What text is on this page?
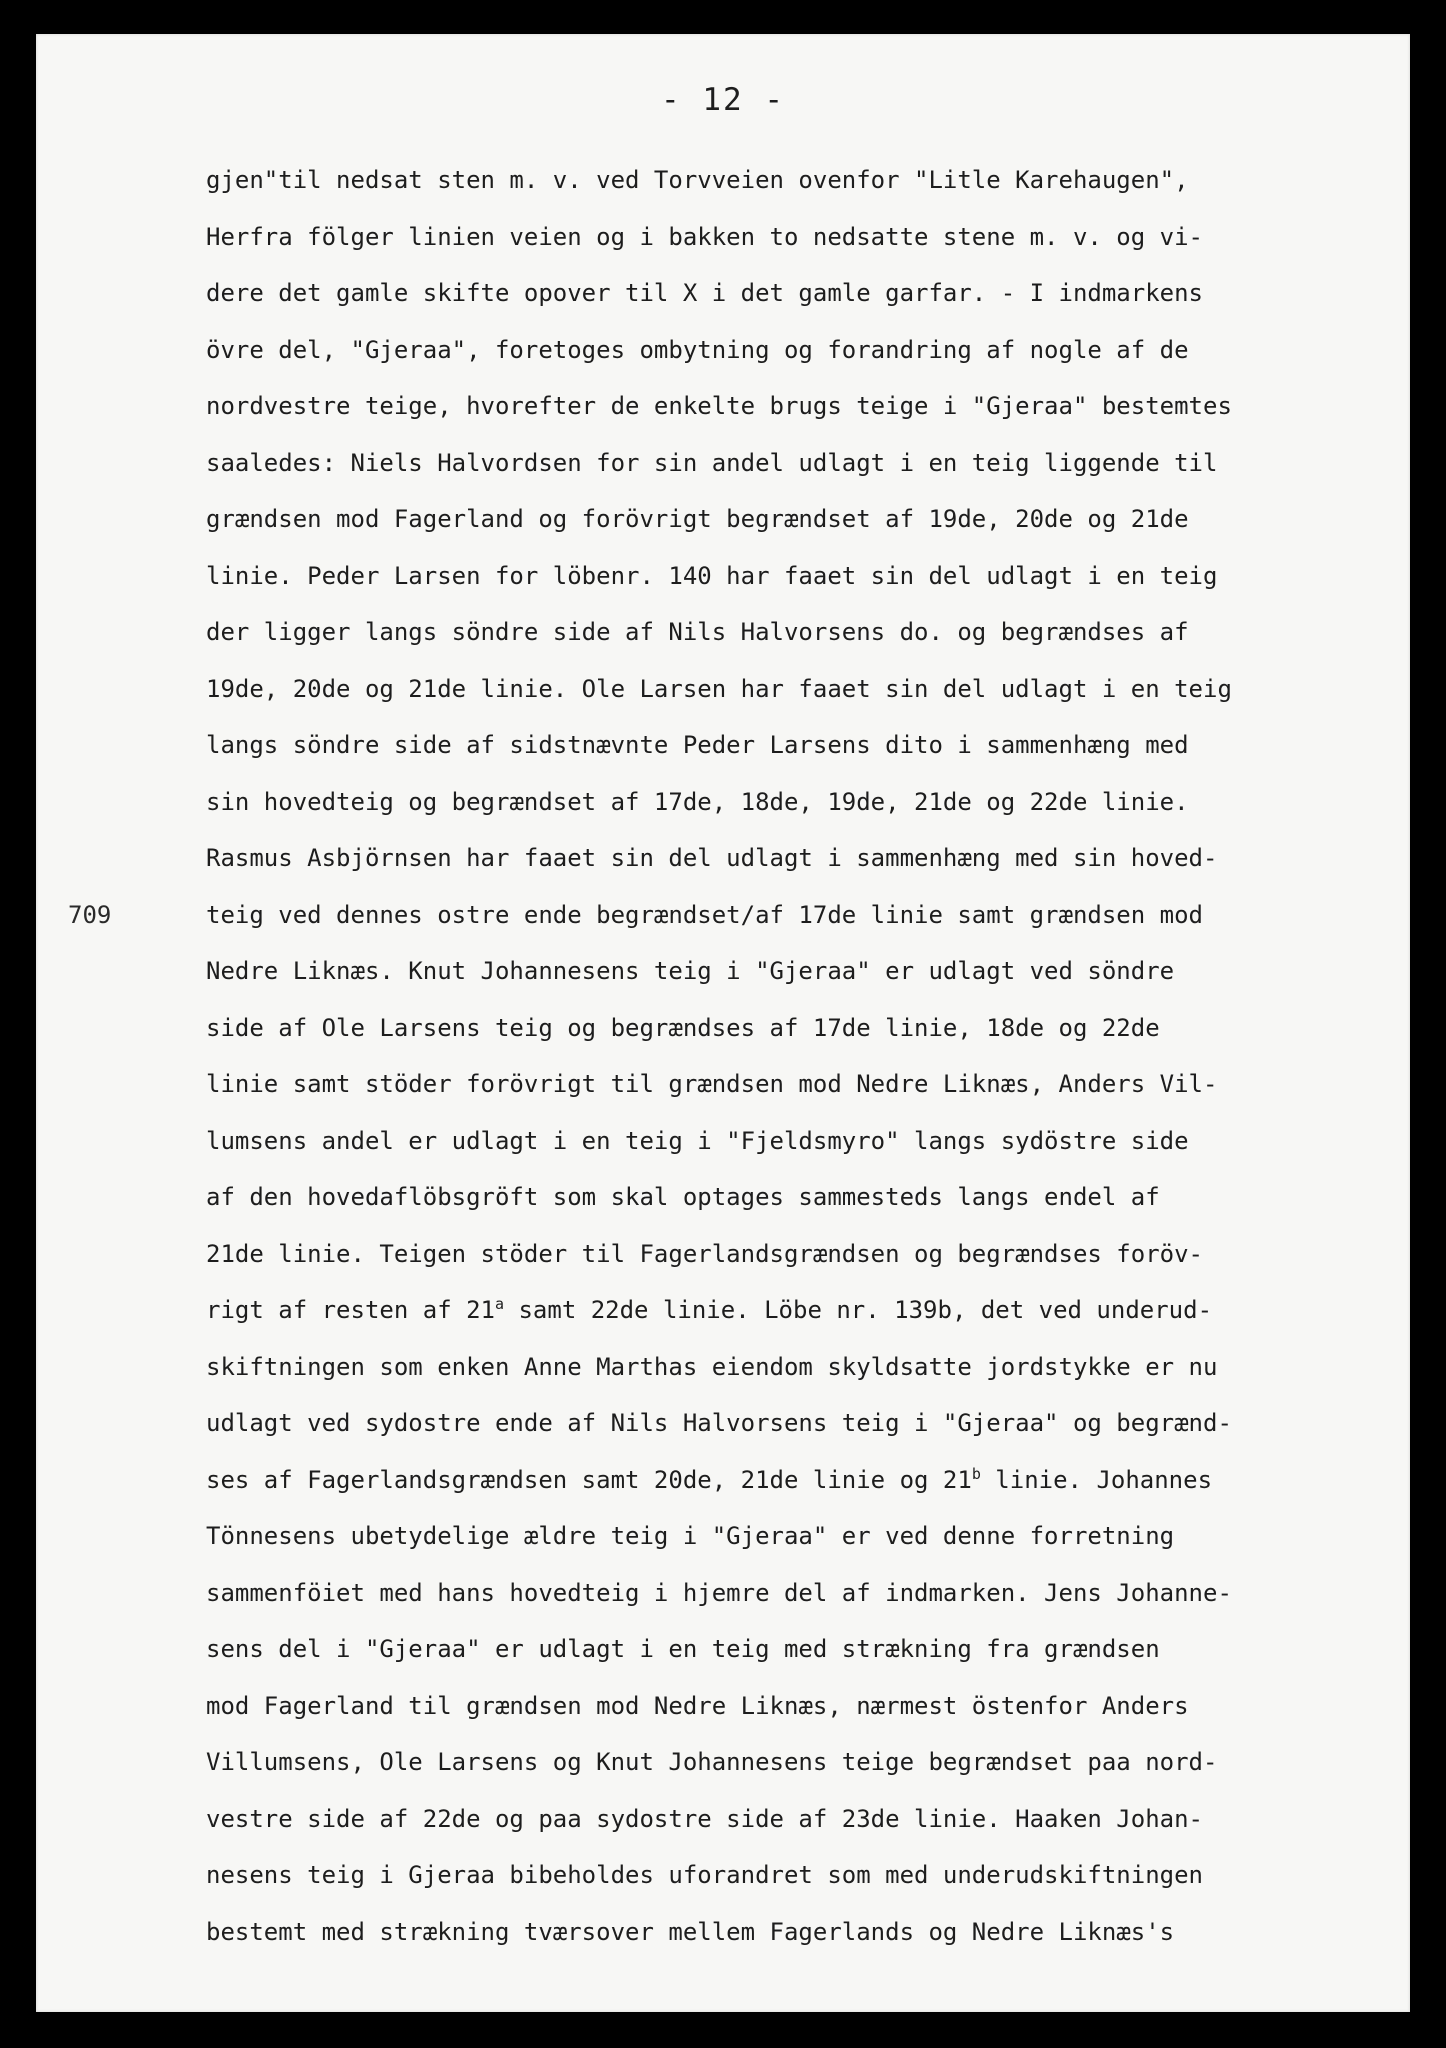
- 12 -
709
gjen"til nedsat sten m. v. ved Torvveien ovenfor "Litle Karehaugen",
Herfra fölger linien veien og i bakken to nedsatte stene m. v. og vi-
dere det gamle skifte opover til X i det gamle garfar. - I indmarkens
övre del, "Gjeraa", foretoges ombytning og forandring af nogle af de
nordvestre teige, hvorefter de enkelte brugs teige i "Gjeraa" bestemtes
saaledes: Niels Halvordsen for sin andel udlagt i en teig liggende til
grændsen mod Fagerland og forövrigt begrændset af 19de, 20de og 21de
linie. Peder Larsen for löbenr. 140 har faaet sin del udlagt i en teig
der ligger langs söndre side af Nils Halvorsens do. og begrændses af
19de, 20de og 21de linie. Ole Larsen har faaet sin del udlagt i en teig
langs söndre side af sidstnævnte Peder Larsens dito i sammenhæng med
sin hovedteig og begrændset af 17de, 18de, 19de, 21de og 22de linie.
Rasmus Asbjörnsen har faaet sin del udlagt i sammenhæng med sin hoved-
teig ved dennes ostre ende begrændset/af 17de linie samt grændsen mod
Nedre Liknæs. Knut Johannesens teig i "Gjeraa" er udlagt ved söndre
side af Ole Larsens teig og begrændses af 17de linie, 18de og 22de
linie samt stöder forövrigt til grændsen mod Nedre Liknæs, Anders Vil-
lumsens andel er udlagt i en teig i "Fjeldsmyro" langs sydöstre side
af den hovedaflöbsgröft som skal optages sammesteds langs endel af
21de linie. Teigen stöder til Fagerlandsgrændsen og begrændses foröv-
rigt af resten af 21$^a$ samt 22de linie. Löbe nr. 139b, det ved underud-
skiftningen som enken Anne Marthas eiendom skyldsatte jordstykke er nu
udlagt ved sydostre ende af Nils Halvorsens teig i "Gjeraa" og begrænd-
ses af Fagerlandsgrændsen samt 20de, 21de linie og 21$^b$ linie. Johannes
Tönnesens ubetydelige ældre teig i "Gjeraa" er ved denne forretning
sammenföiet med hans hovedteig i hjemre del af indmarken. Jens Johanne-
sens del i "Gjeraa" er udlagt i en teig med strækning fra grændsen
mod Fagerland til grændsen mod Nedre Liknæs, nærmest östenfor Anders
Villumsens, Ole Larsens og Knut Johannesens teige begrændset paa nord-
vestre side af 22de og paa sydostre side af 23de linie. Haaken Johan-
nesens teig i Gjeraa bibeholdes uforandret som med underudskiftningen
bestemt med strækning tværsover mellem Fagerlands og Nedre Liknæs's
